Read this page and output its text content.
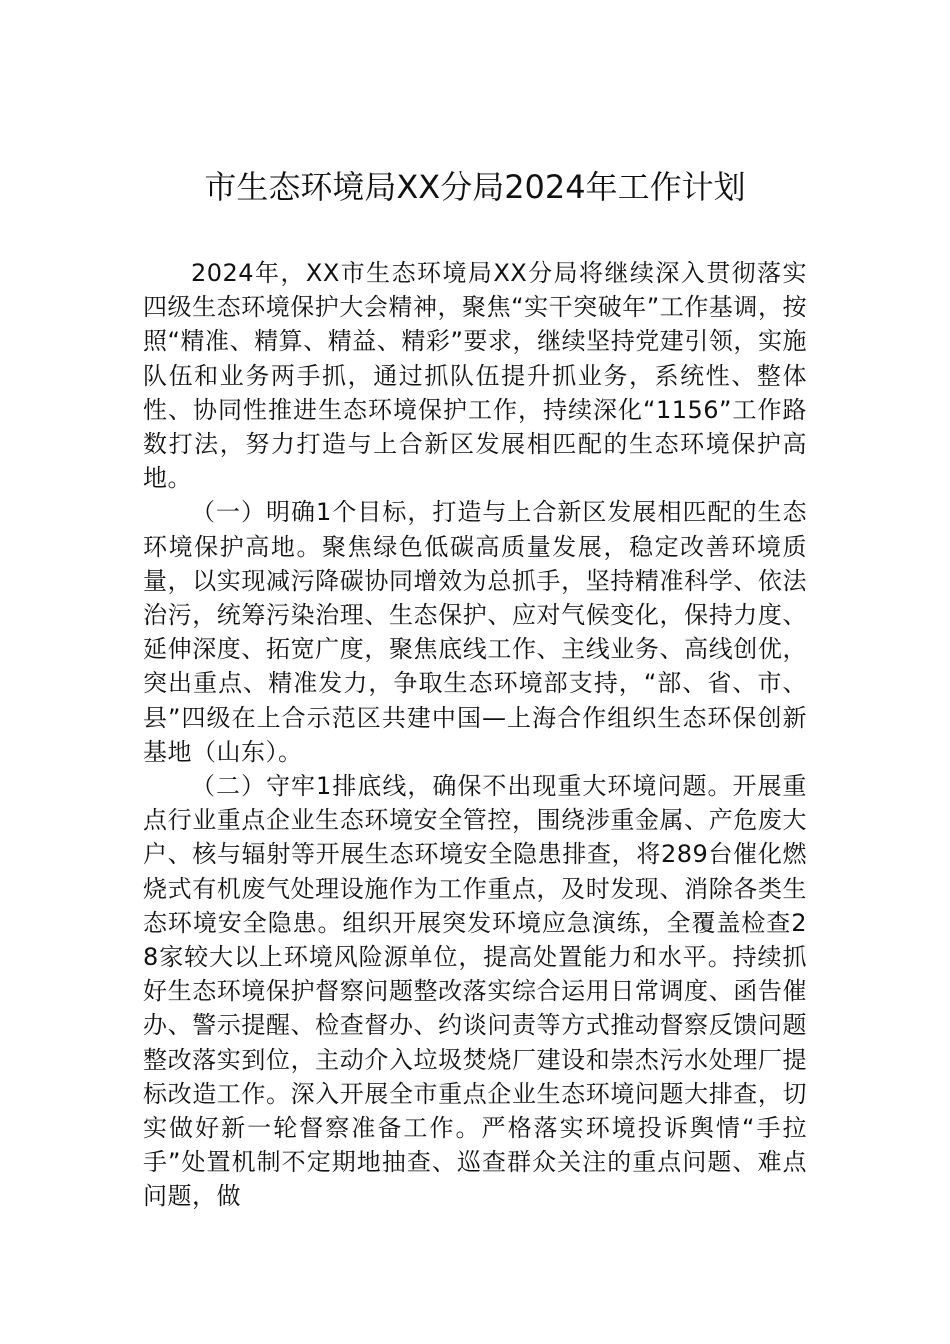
市生态环境局XX分局2024年工作计划

2024年，XX市生态环境局XX分局将继续深入贯彻落实四级生态环境保护大会精神，聚焦“实干突破年”工作基调，按照“精准、精算、精益、精彩”要求，继续坚持党建引领，实施队伍和业务两手抓，通过抓队伍提升抓业务，系统性、整体性、协同性推进生态环境保护工作，持续深化“1156”工作路数打法，努力打造与上合新区发展相匹配的生态环境保护高地。

（一）明确1个目标，打造与上合新区发展相匹配的生态环境保护高地。聚焦绿色低碳高质量发展，稳定改善环境质量，以实现减污降碳协同增效为总抓手，坚持精准科学、依法治污，统筹污染治理、生态保护、应对气候变化，保持力度、延伸深度、拓宽广度，聚焦底线工作、主线业务、高线创优，突出重点、精准发力，争取生态环境部支持，“部、省、市、县”四级在上合示范区共建中国—上海合作组织生态环保创新基地（山东）。

（二）守牢1排底线，确保不出现重大环境问题。开展重点行业重点企业生态环境安全管控，围绕涉重金属、产危废大户、核与辐射等开展生态环境安全隐患排查，将289台催化燃烧式有机废气处理设施作为工作重点，及时发现、消除各类生态环境安全隐患。组织开展突发环境应急演练，全覆盖检查28家较大以上环境风险源单位，提高处置能力和水平。持续抓好生态环境保护督察问题整改落实综合运用日常调度、函告催办、警示提醒、检查督办、约谈问责等方式推动督察反馈问题整改落实到位，主动介入垃圾焚烧厂建设和崇杰污水处理厂提标改造工作。深入开展全市重点企业生态环境问题大排查，切实做好新一轮督察准备工作。严格落实环境投诉舆情“手拉手”处置机制不定期地抽查、巡查群众关注的重点问题、难点问题，做
